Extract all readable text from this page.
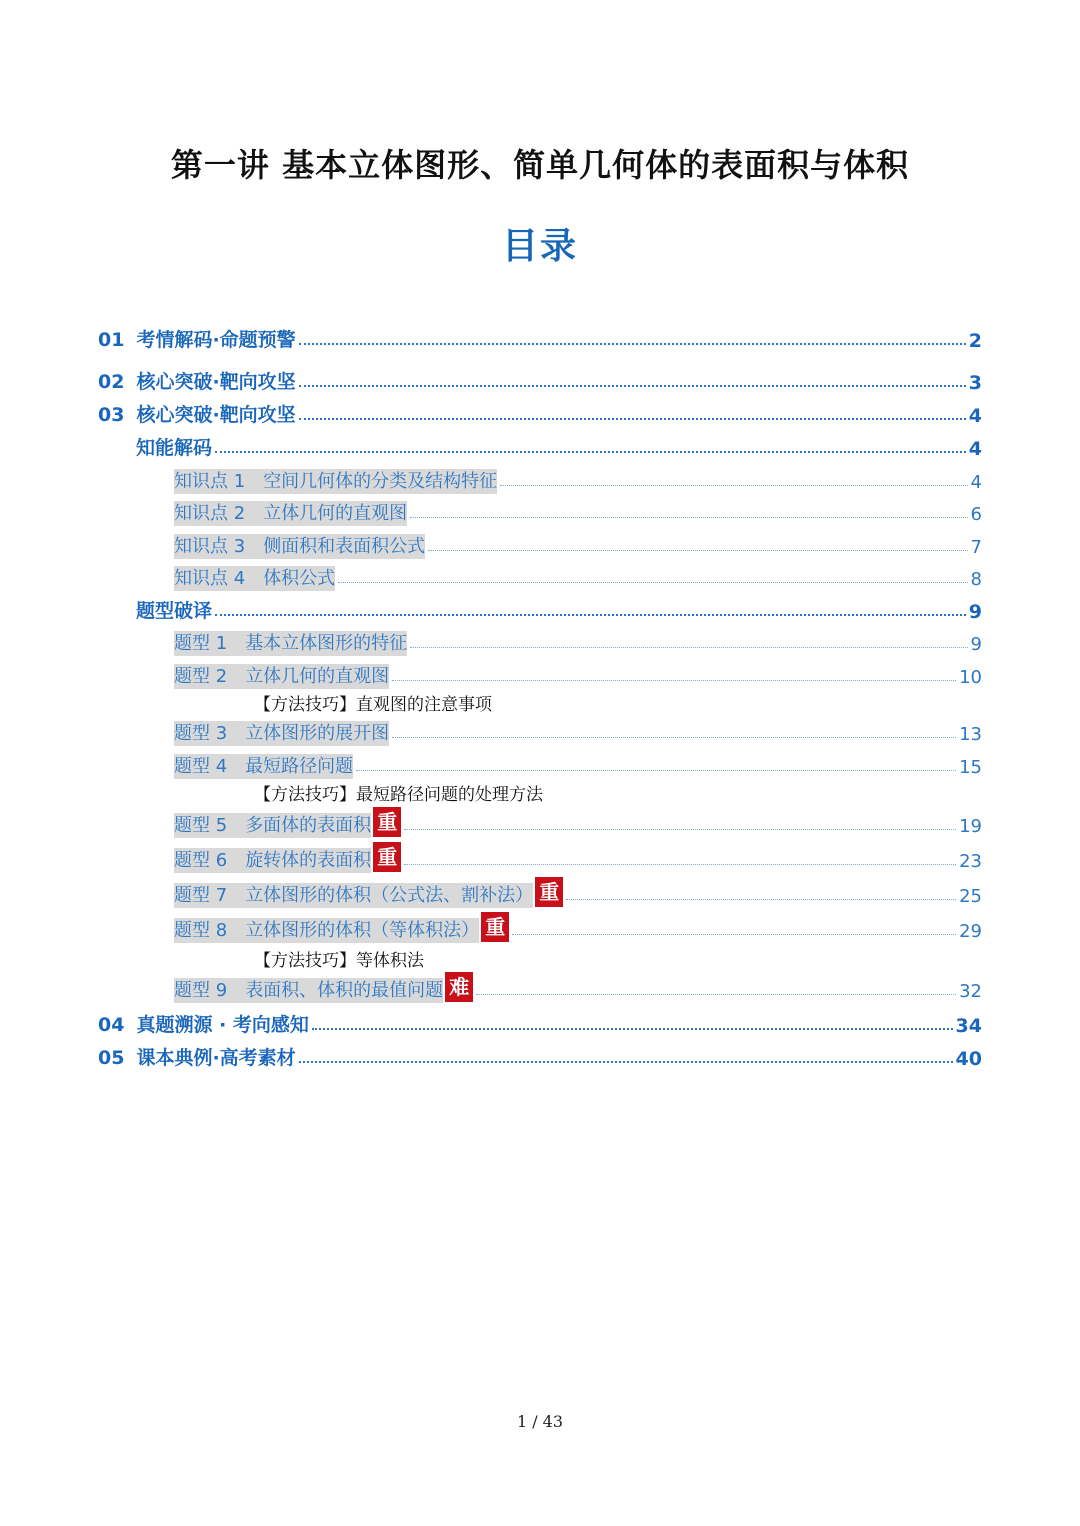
第一讲 基本立体图形、简单几何体的表面积与体积
目录
01 考情解码·命题预警	2
02 核心突破·靶向攻坚	3
03 核心突破·靶向攻坚	4
知能解码	4
知识点 1 空间几何体的分类及结构特征	4
知识点 2 立体几何的直观图	6
知识点 3 侧面积和表面积公式	7
知识点 4 体积公式	8
题型破译	9
题型 1 基本立体图形的特征	9
题型 2 立体几何的直观图	10
【方法技巧】直观图的注意事项
题型 3 立体图形的展开图	13
题型 4 最短路径问题	15
【方法技巧】最短路径问题的处理方法
题型 5 多面体的表面积 重	19
题型 6 旋转体的表面积 重	23
题型 7 立体图形的体积（公式法、割补法） 重	25
题型 8 立体图形的体积（等体积法） 重	29
【方法技巧】等体积法
题型 9 表面积、体积的最值问题 难	32
04 真题溯源 · 考向感知	34
05 课本典例·高考素材	40
1 / 43
